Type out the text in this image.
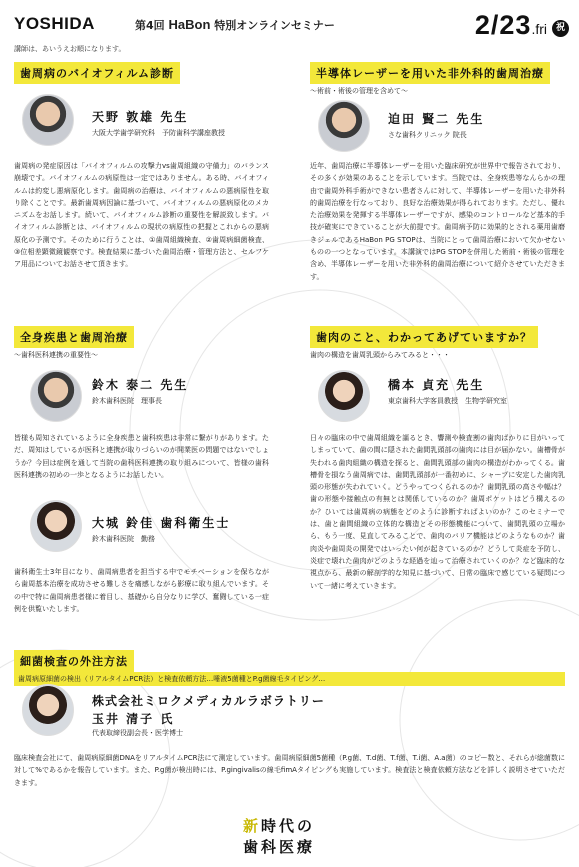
YOSHIDA	第4回 HaBon 特別オンラインセミナー	2/23.fri 祝
講師は、あいうえお順になります。
歯周病のバイオフィルム診断
天野 敦雄 先生
大阪大学歯学研究科　予防歯科学講座教授
歯周病の発症原因は「バイオフィルムの攻撃力vs歯周組織の守備力」のバランス崩壊です。バイオフィルムの病原性は一定ではありません。ある時、バイオフィルムは約変し悪病原化します。歯周病の治療は、バイオフィルムの悪病原性を取り除くことです。最新歯周病因論に基づいて、バイオフィルムの悪病原化のメカニズムをお話します。続いて、バイオフィルム診断の重要性を解説致します。バイオフィルム診断とは、バイオフィルムの現状の病原性の把握とこれからの悪病原化の予測です。そのために行うことは、①歯周組織検査、②歯周病細菌検査、③位相差顕微鏡観察です。検査結果に基づいた歯周治療・管理方法と、セルフケア用品についてお話させて頂きます。
半導体レーザーを用いた非外科的歯周治療
～術前・術後の管理を含めて～
迫田 賢二 先生
さな歯科クリニック 院長
近年、歯周治療に半導体レーザーを用いた臨床研究が世界中で報告されており、その多くが効果のあることを示しています。当院では、全身疾患等なんらかの理由で歯周外科手術ができない患者さんに対して、半導体レーザーを用いた非外科的歯周治療を行なっており、良好な治療効果が得られております。ただし、優れた治療効果を発揮する半導体レーザーですが、感染のコントロールなど基本的手技が確実にできていることが大前提です。歯周病予防に効果的とされる薬用歯磨きジェルであるHaBon PG STOPは、当院にとって歯周治療において欠かせないものの一つとなっています。本講演ではPG STOPを併用した術前・術後の管理を含め、半導体レーザーを用いた非外科的歯周治療について紹介させていただきます。
全身疾患と歯周治療
～歯科医科連携の重要性～
鈴木 泰二 先生
鈴木歯科医院　理事長
皆様も周知されているように全身疾患と歯科疾患は非常に繋がりがあります。ただ、周知はしているが医科と連携が取りづらいのが開業医の問題ではないでしょうか？今回は症例を通して当院の歯科医科連携の取り組みについて、皆様の歯科医科連携の初めの一歩となるようにお話したい。
大城 鈴佳 歯科衛生士
鈴木歯科医院　勤務
歯科衛生士3年目になり、歯周病患者を担当する中でモチベーションを保ちながら歯周基本治療を成功させる難しさを痛感しながら影療に取り組んでいます。その中で特に歯周病患者様に着目し、基礎から自分なりに学び、奮闘している一症例を供覧いたします。
歯肉のこと、わかってあげていますか？
歯肉の構造を歯周乳頭からみてみると・・・
橋本 貞充 先生
東京歯科大学客員教授　生物学研究室
日々の臨床の中で歯周組織を謳るとき、響測や検査割の歯肉ばかりに目がいってしまっていて、歯の間に隠された歯間乳頭部の歯肉には目が届かない。歯槽骨が失われる歯肉組織の構造を探ると、歯間乳頭部の歯肉の構造がわかってくる。歯槽骨を損なう歯周病では、歯間乳頭部が一番初めに、シャープに安定した歯肉乳頭の形態が失われていく。どうやってつくられるのか？歯間乳頭の高さや幅は？歯の形態や接触点の有無とは関係しているのか？歯周ポケットはどう構えるのか？ひいては歯周病の病態をどのように診断すればよいのか？このセミナーでは、歯と歯間組織の立体的な構造とその形態機能について、歯間乳頭の立場から、もう一度、見直してみることで、歯肉のバリア機能はどのようなものか？歯肉炎や歯周炎の開発ではいったい何が起きているのか？どうして炎症を予防し、炎症で壊れた歯肉がどのような経過を辿って治療されていくのか？など臨床的な視点から、最新の解剖学的な知見に基づいて、日常の臨床で感じている疑問について一緒に考えていきます。
細菌検査の外注方法
歯周病原細菌の検出（リアルタイムPCR法）と検査依頼方法…唾液5菌種とP.g菌線毛タイピング…
株式会社ミロクメディカルラボラトリー
玉井 清子 氏
代表取締役副会長・医学博士
臨床検査会社にて、歯周病原細菌DNAをリアルタイムPCR法にて測定しています。歯周病原細菌5菌種（P.g菌、T.d菌、T.f菌、T.i菌、A.a菌）のコピー数と、それらが総菌数に対して%であるかを報告しています。また、P.g菌が検出時には、P.gingivalisの線毛fimAタイピングも実施しています。検査法と検査依頼方法などを詳しく説明させていただきます。
新時代の
歯科医療
